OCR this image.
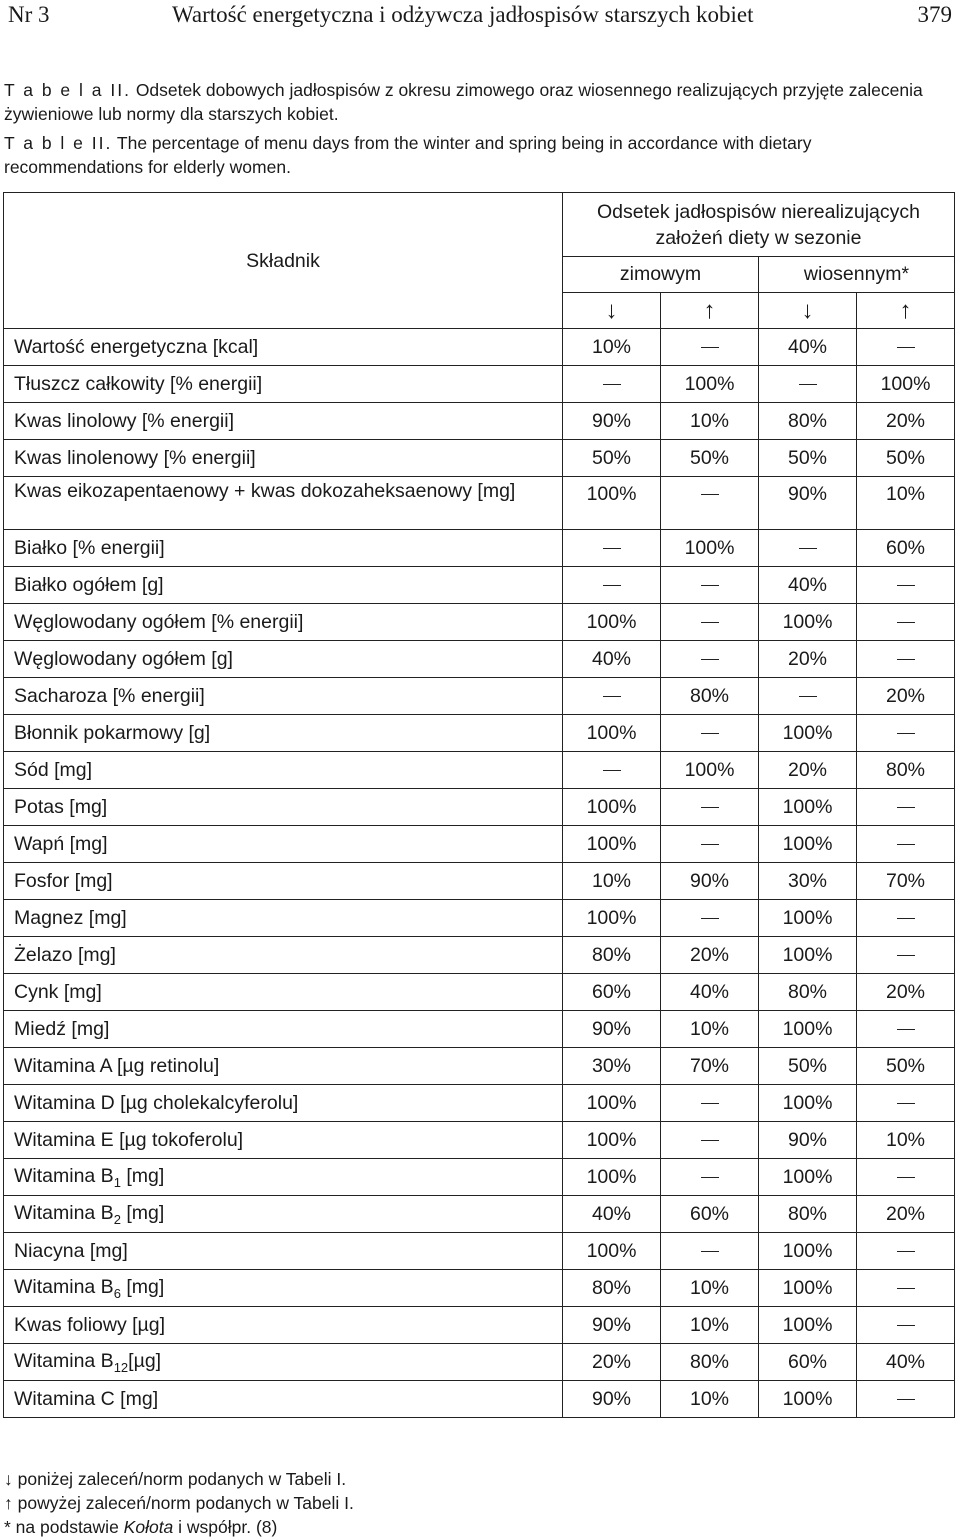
Nr 3	Wartość energetyczna i odżywcza jadłospisów starszych kobiet	379
T a b e l a II. Odsetek dobowych jadłospisów z okresu zimowego oraz wiosennego realizujących przyjęte zalecenia żywieniowe lub normy dla starszych kobiet.
T a b l e II. The percentage of menu days from the winter and spring being in accordance with dietary recommendations for elderly women.
Składnik	Odsetek jadłospisów nierealizujących
założeń diety w sezonie			
	zimowym		wiosennym*	
	↓	↑	↓	↑
Wartość energetyczna [kcal]	10%		40%	
Tłuszcz całkowity [% energii]		100%		100%
Kwas linolowy [% energii]	90%	10%	80%	20%
Kwas linolenowy [% energii]	50%	50%	50%	50%
Kwas eikozapentaenowy + kwas dokozaheksaenowy [mg]	100%		90%	10%
Białko [% energii]		100%		60%
Białko ogółem [g]			40%	
Węglowodany ogółem [% energii]	100%		100%	
Węglowodany ogółem [g]	40%		20%	
Sacharoza [% energii]		80%		20%
Błonnik pokarmowy [g]	100%		100%	
Sód [mg]		100%	20%	80%
Potas [mg]	100%		100%	
Wapń [mg]	100%		100%	
Fosfor [mg]	10%	90%	30%	70%
Magnez [mg]	100%		100%	
Żelazo [mg]	80%	20%	100%	
Cynk [mg]	60%	40%	80%	20%
Miedź [mg]	90%	10%	100%	
Witamina A [µg retinolu]	30%	70%	50%	50%
Witamina D [µg cholekalcyferolu]	100%		100%	
Witamina E [µg tokoferolu]	100%		90%	10%
Witamina $B_1$ [mg]	100%		100%	
Witamina $B_2$ [mg]	40%	60%	80%	20%
Niacyna [mg]	100%		100%	
Witamina $B_6$ [mg]	80%	10%	100%	
Kwas foliowy [µg]	90%	10%	100%	
Witamina $B_{12}[\mu g]$	20%	80%	60%	40%
Witamina C [mg]	90%	10%	100%	
↓ poniżej zaleceń/norm podanych w Tabeli I.
↑ powyżej zaleceń/norm podanych w Tabeli I.
* na podstawie Kołota i współpr. (8)
